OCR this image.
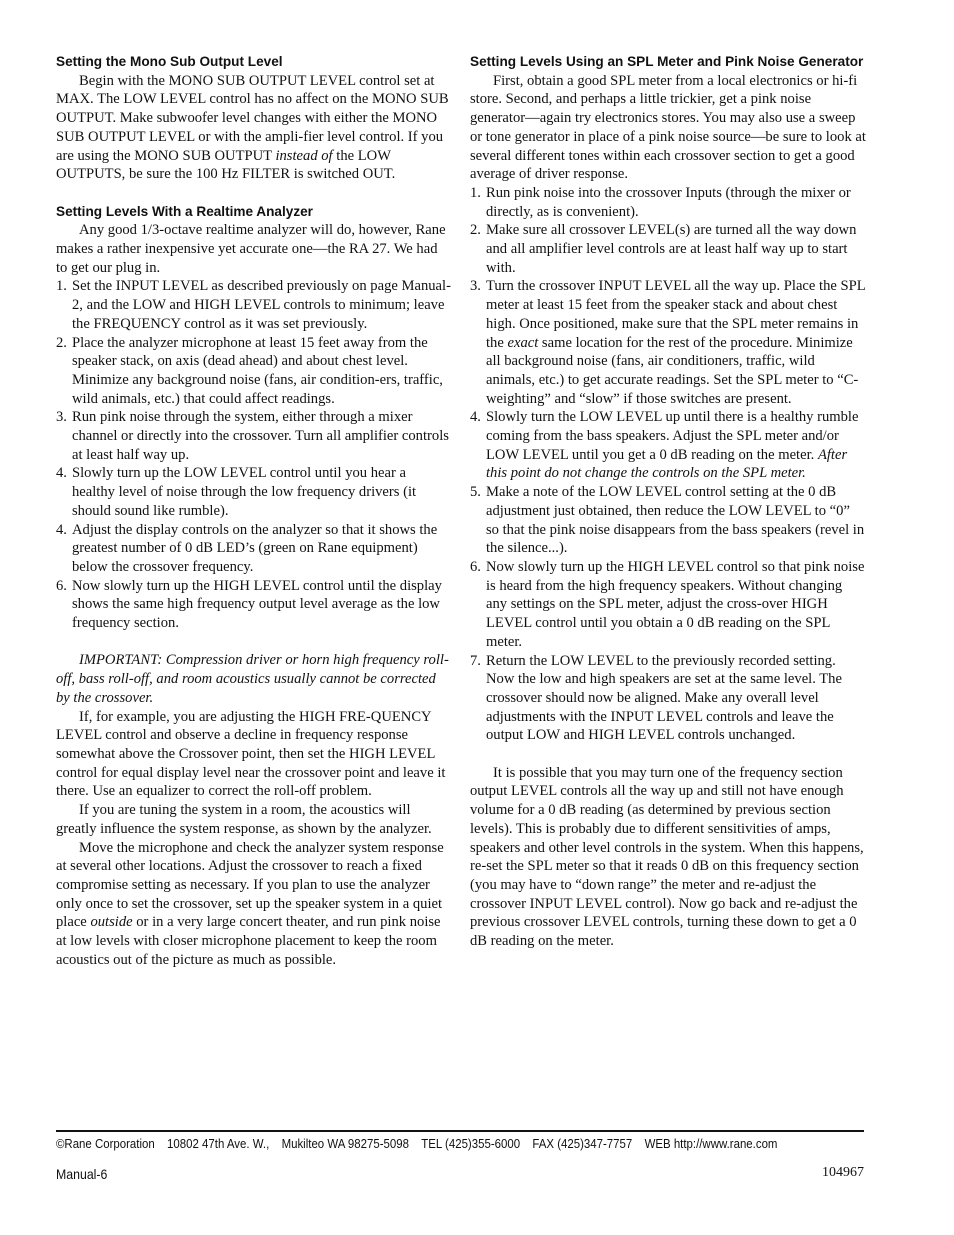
Setting the Mono Sub Output Level

Begin with the MONO SUB OUTPUT LEVEL control set at MAX. The LOW LEVEL control has no affect on the MONO SUB OUTPUT. Make subwoofer level changes with either the MONO SUB OUTPUT LEVEL or with the ampli-fier level control. If you are using the MONO SUB OUTPUT instead of the LOW OUTPUTS, be sure the 100 Hz FILTER is switched OUT.

Setting Levels With a Realtime Analyzer

Any good 1/3-octave realtime analyzer will do, however, Rane makes a rather inexpensive yet accurate one—the RA 27. We had to get our plug in.

1. Set the INPUT LEVEL as described previously on page Manual-2, and the LOW and HIGH LEVEL controls to minimum; leave the FREQUENCY control as it was set previously.
2. Place the analyzer microphone at least 15 feet away from the speaker stack, on axis (dead ahead) and about chest level. Minimize any background noise (fans, air condition-ers, traffic, wild animals, etc.) that could affect readings.
3. Run pink noise through the system, either through a mixer channel or directly into the crossover. Turn all amplifier controls at least half way up.
4. Slowly turn up the LOW LEVEL control until you hear a healthy level of noise through the low frequency drivers (it should sound like rumble).
4. Adjust the display controls on the analyzer so that it shows the greatest number of 0 dB LED’s (green on Rane equipment) below the crossover frequency.
6. Now slowly turn up the HIGH LEVEL control until the display shows the same high frequency output level average as the low frequency section.

IMPORTANT: Compression driver or horn high frequency roll-off, bass roll-off, and room acoustics usually cannot be corrected by the crossover.

If, for example, you are adjusting the HIGH FRE-QUENCY LEVEL control and observe a decline in frequency response somewhat above the Crossover point, then set the HIGH LEVEL control for equal display level near the crossover point and leave it there. Use an equalizer to correct the roll-off problem.

If you are tuning the system in a room, the acoustics will greatly influence the system response, as shown by the analyzer.

Move the microphone and check the analyzer system response at several other locations. Adjust the crossover to reach a fixed compromise setting as necessary. If you plan to use the analyzer only once to set the crossover, set up the speaker system in a quiet place outside or in a very large concert theater, and run pink noise at low levels with closer microphone placement to keep the room acoustics out of the picture as much as possible.

Setting Levels Using an SPL Meter and Pink Noise Generator

First, obtain a good SPL meter from a local electronics or hi-fi store. Second, and perhaps a little trickier, get a pink noise generator—again try electronics stores. You may also use a sweep or tone generator in place of a pink noise source—be sure to look at several different tones within each crossover section to get a good average of driver response.

1. Run pink noise into the crossover Inputs (through the mixer or directly, as is convenient).
2. Make sure all crossover LEVEL(s) are turned all the way down and all amplifier level controls are at least half way up to start with.
3. Turn the crossover INPUT LEVEL all the way up. Place the SPL meter at least 15 feet from the speaker stack and about chest high. Once positioned, make sure that the SPL meter remains in the exact same location for the rest of the procedure. Minimize all background noise (fans, air conditioners, traffic, wild animals, etc.) to get accurate readings. Set the SPL meter to “C-weighting” and “slow” if those switches are present.
4. Slowly turn the LOW LEVEL up until there is a healthy rumble coming from the bass speakers. Adjust the SPL meter and/or LOW LEVEL until you get a 0 dB reading on the meter. After this point do not change the controls on the SPL meter.
5. Make a note of the LOW LEVEL control setting at the 0 dB adjustment just obtained, then reduce the LOW LEVEL to “0” so that the pink noise disappears from the bass speakers (revel in the silence...).
6. Now slowly turn up the HIGH LEVEL control so that pink noise is heard from the high frequency speakers. Without changing any settings on the SPL meter, adjust the cross-over HIGH LEVEL control until you obtain a 0 dB reading on the SPL meter.
7. Return the LOW LEVEL to the previously recorded setting. Now the low and high speakers are set at the same level. The crossover should now be aligned. Make any overall level adjustments with the INPUT LEVEL controls and leave the output LOW and HIGH LEVEL controls unchanged.

It is possible that you may turn one of the frequency section output LEVEL controls all the way up and still not have enough volume for a 0 dB reading (as determined by previous section levels). This is probably due to different sensitivities of amps, speakers and other level controls in the system. When this happens, re-set the SPL meter so that it reads 0 dB on this frequency section (you may have to “down range” the meter and re-adjust the crossover INPUT LEVEL control). Now go back and re-adjust the previous crossover LEVEL controls, turning these down to get a 0 dB reading on the meter.

©Rane Corporation 10802 47th Ave. W., Mukilteo WA 98275-5098 TEL (425)355-6000 FAX (425)347-7757 WEB http://www.rane.com
Manual-6	104967
